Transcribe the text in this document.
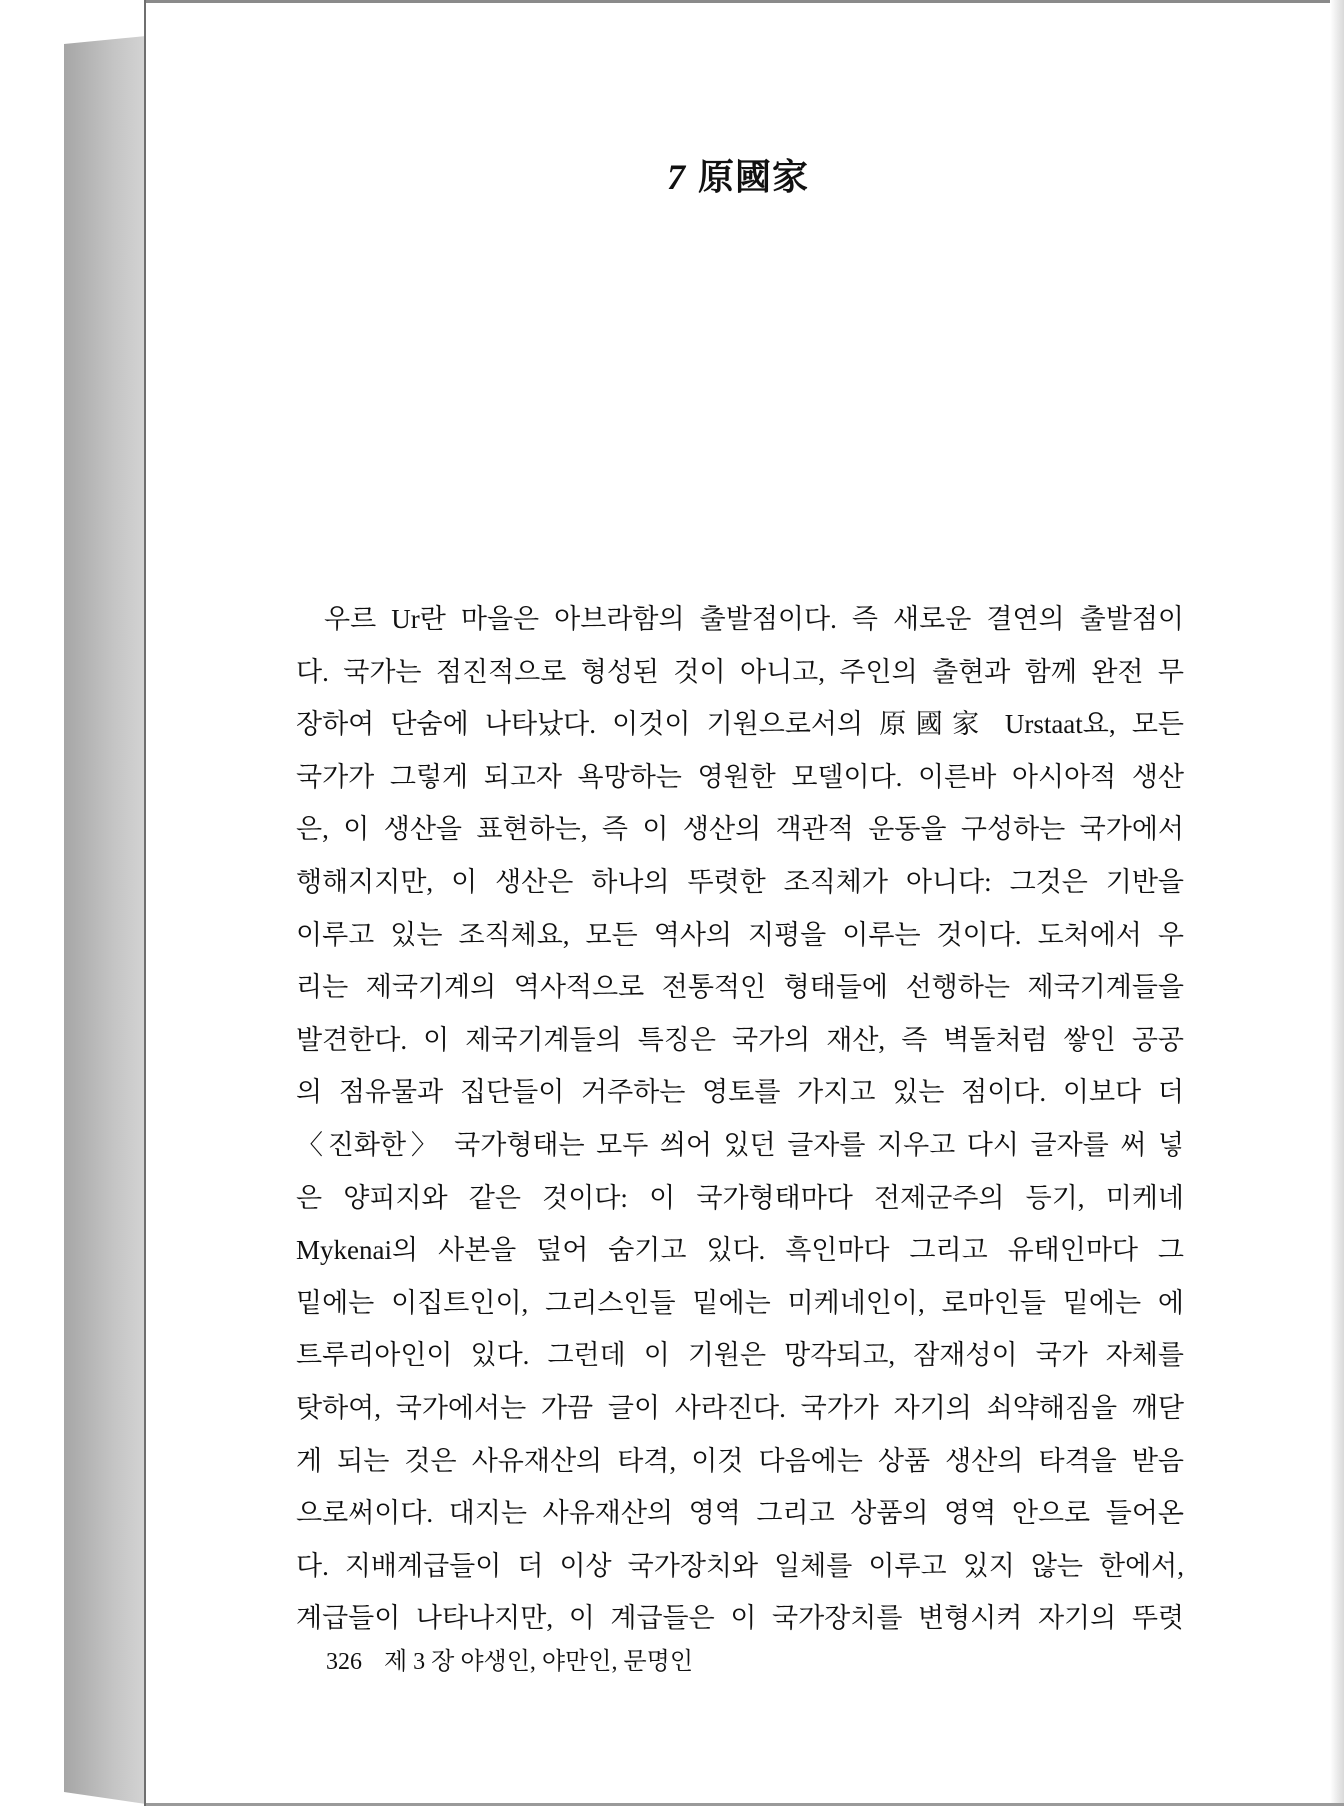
7 原國家
우르 Ur란 마을은 아브라함의 출발점이다. 즉 새로운 결연의 출발점이
다. 국가는 점진적으로 형성된 것이 아니고, 주인의 출현과 함께 완전 무
장하여 단숨에 나타났다. 이것이 기원으로서의 原國家 Urstaat요, 모든
국가가 그렇게 되고자 욕망하는 영원한 모델이다. 이른바 아시아적 생산
은, 이 생산을 표현하는, 즉 이 생산의 객관적 운동을 구성하는 국가에서
행해지지만, 이 생산은 하나의 뚜렷한 조직체가 아니다: 그것은 기반을
이루고 있는 조직체요, 모든 역사의 지평을 이루는 것이다. 도처에서 우
리는 제국기계의 역사적으로 전통적인 형태들에 선행하는 제국기계들을
발견한다. 이 제국기계들의 특징은 국가의 재산, 즉 벽돌처럼 쌓인 공공
의 점유물과 집단들이 거주하는 영토를 가지고 있는 점이다. 이보다 더
〈진화한〉 국가형태는 모두 씌어 있던 글자를 지우고 다시 글자를 써 넣
은 양피지와 같은 것이다: 이 국가형태마다 전제군주의 등기, 미케네
Mykenai의 사본을 덮어 숨기고 있다. 흑인마다 그리고 유태인마다 그
밑에는 이집트인이, 그리스인들 밑에는 미케네인이, 로마인들 밑에는 에
트루리아인이 있다. 그런데 이 기원은 망각되고, 잠재성이 국가 자체를
탓하여, 국가에서는 가끔 글이 사라진다. 국가가 자기의 쇠약해짐을 깨닫
게 되는 것은 사유재산의 타격, 이것 다음에는 상품 생산의 타격을 받음
으로써이다. 대지는 사유재산의 영역 그리고 상품의 영역 안으로 들어온
다. 지배계급들이 더 이상 국가장치와 일체를 이루고 있지 않는 한에서,
계급들이 나타나지만, 이 계급들은 이 국가장치를 변형시켜 자기의 뚜렷
326 제 3 장 야생인, 야만인, 문명인
